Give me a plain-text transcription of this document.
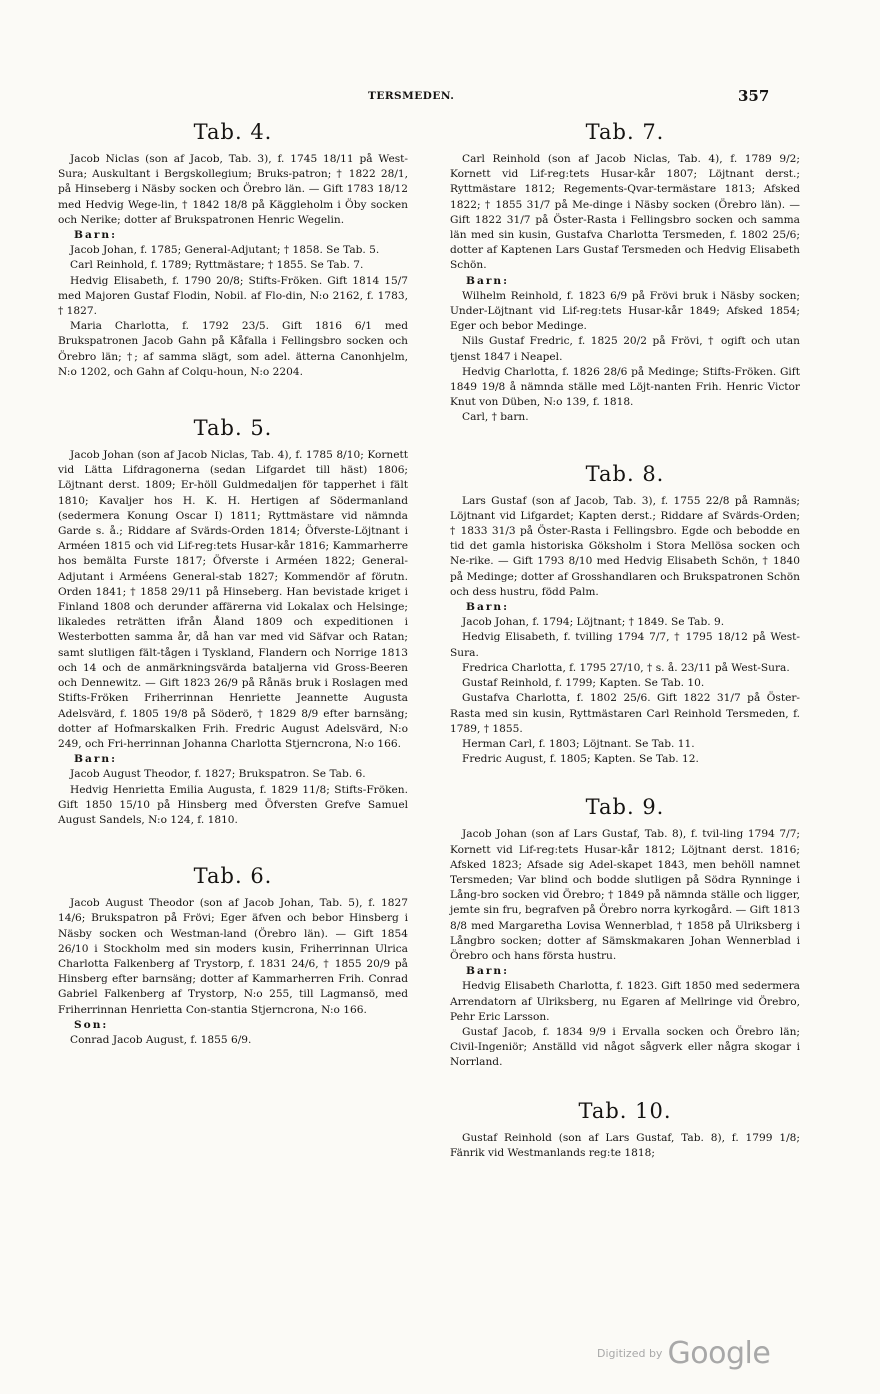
TERSMEDEN.	357
Tab. 4.

Jacob Niclas (son af Jacob, Tab. 3), f. 1745 18/11 på West-Sura; Auskultant i Bergskollegium; Bruks-patron; † 1822 28/1, på Hinseberg i Näsby socken och Örebro län. — Gift 1783 18/12 med Hedvig Wege-lin, † 1842 18/8 på Käggleholm i Öby socken och Nerike; dotter af Brukspatronen Henric Wegelin.

Barn:

Jacob Johan, f. 1785; General-Adjutant; † 1858. Se Tab. 5.

Carl Reinhold, f. 1789; Ryttmästare; † 1855. Se Tab. 7.

Hedvig Elisabeth, f. 1790 20/8; Stifts-Fröken. Gift 1814 15/7 med Majoren Gustaf Flodin, Nobil. af Flo-din, N:o 2162, f. 1783, † 1827.

Maria Charlotta, f. 1792 23/5. Gift 1816 6/1 med Brukspatronen Jacob Gahn på Kåfalla i Fellingsbro socken och Örebro län; †; af samma slägt, som adel. ätterna Canonhjelm, N:o 1202, och Gahn af Colqu-houn, N:o 2204.

Tab. 5.

Jacob Johan (son af Jacob Niclas, Tab. 4), f. 1785 8/10; Kornett vid Lätta Lifdragonerna (sedan Lifgardet till häst) 1806; Löjtnant derst. 1809; Er-höll Guldmedaljen för tapperhet i fält 1810; Kavaljer hos H. K. H. Hertigen af Södermanland (sedermera Konung Oscar I) 1811; Ryttmästare vid nämnda Garde s. å.; Riddare af Svärds-Orden 1814; Öfverste-Löjtnant i Arméen 1815 och vid Lif-reg:tets Husar-kår 1816; Kammarherre hos bemälta Furste 1817; Öfverste i Arméen 1822; General-Adjutant i Arméens General-stab 1827; Kommendör af förutn. Orden 1841; † 1858 29/11 på Hinseberg. Han bevistade kriget i Finland 1808 och derunder affärerna vid Lokalax och Helsinge; likaledes reträtten ifrån Åland 1809 och expeditionen i Westerbotten samma år, då han var med vid Säfvar och Ratan; samt slutligen fält-tågen i Tyskland, Flandern och Norrige 1813 och 14 och de anmärkningsvärda bataljerna vid Gross-Beeren och Dennewitz. — Gift 1823 26/9 på Rånäs bruk i Roslagen med Stifts-Fröken Friherrinnan Henriette Jeannette Augusta Adelsvärd, f. 1805 19/8 på Söderö, † 1829 8/9 efter barnsäng; dotter af Hofmarskalken Frih. Fredric August Adelsvärd, N:o 249, och Fri-herrinnan Johanna Charlotta Stjerncrona, N:o 166.

Barn:

Jacob August Theodor, f. 1827; Brukspatron. Se Tab. 6.

Hedvig Henrietta Emilia Augusta, f. 1829 11/8; Stifts-Fröken. Gift 1850 15/10 på Hinsberg med Öfversten Grefve Samuel August Sandels, N:o 124, f. 1810.

Tab. 6.

Jacob August Theodor (son af Jacob Johan, Tab. 5), f. 1827 14/6; Brukspatron på Frövi; Eger äfven och bebor Hinsberg i Näsby socken och Westman-land (Örebro län). — Gift 1854 26/10 i Stockholm med sin moders kusin, Friherrinnan Ulrica Charlotta Falkenberg af Trystorp, f. 1831 24/6, † 1855 20/9 på Hinsberg efter barnsäng; dotter af Kammarherren Frih. Conrad Gabriel Falkenberg af Trystorp, N:o 255, till Lagmansö, med Friherrinnan Henrietta Con-stantia Stjerncrona, N:o 166.

Son:

Conrad Jacob August, f. 1855 6/9.

Tab. 7.

Carl Reinhold (son af Jacob Niclas, Tab. 4), f. 1789 9/2; Kornett vid Lif-reg:tets Husar-kår 1807; Löjtnant derst.; Ryttmästare 1812; Regements-Qvar-termästare 1813; Afsked 1822; † 1855 31/7 på Me-dinge i Näsby socken (Örebro län). — Gift 1822 31/7 på Öster-Rasta i Fellingsbro socken och samma län med sin kusin, Gustafva Charlotta Tersmeden, f. 1802 25/6; dotter af Kaptenen Lars Gustaf Tersmeden och Hedvig Elisabeth Schön.

Barn:

Wilhelm Reinhold, f. 1823 6/9 på Frövi bruk i Näsby socken; Under-Löjtnant vid Lif-reg:tets Husar-kår 1849; Afsked 1854; Eger och bebor Medinge.

Nils Gustaf Fredric, f. 1825 20/2 på Frövi, † ogift och utan tjenst 1847 i Neapel.

Hedvig Charlotta, f. 1826 28/6 på Medinge; Stifts-Fröken. Gift 1849 19/8 å nämnda ställe med Löjt-nanten Frih. Henric Victor Knut von Düben, N:o 139, f. 1818.

Carl, † barn.

Tab. 8.

Lars Gustaf (son af Jacob, Tab. 3), f. 1755 22/8 på Ramnäs; Löjtnant vid Lifgardet; Kapten derst.; Riddare af Svärds-Orden; † 1833 31/3 på Öster-Rasta i Fellingsbro. Egde och bebodde en tid det gamla historiska Göksholm i Stora Mellösa socken och Ne-rike. — Gift 1793 8/10 med Hedvig Elisabeth Schön, † 1840 på Medinge; dotter af Grosshandlaren och Brukspatronen Schön och dess hustru, född Palm.

Barn:

Jacob Johan, f. 1794; Löjtnant; † 1849. Se Tab. 9.

Hedvig Elisabeth, f. tvilling 1794 7/7, † 1795 18/12 på West-Sura.

Fredrica Charlotta, f. 1795 27/10, † s. å. 23/11 på West-Sura.

Gustaf Reinhold, f. 1799; Kapten. Se Tab. 10.

Gustafva Charlotta, f. 1802 25/6. Gift 1822 31/7 på Öster-Rasta med sin kusin, Ryttmästaren Carl Reinhold Tersmeden, f. 1789, † 1855.

Herman Carl, f. 1803; Löjtnant. Se Tab. 11.

Fredric August, f. 1805; Kapten. Se Tab. 12.

Tab. 9.

Jacob Johan (son af Lars Gustaf, Tab. 8), f. tvil-ling 1794 7/7; Kornett vid Lif-reg:tets Husar-kår 1812; Löjtnant derst. 1816; Afsked 1823; Afsade sig Adel-skapet 1843, men behöll namnet Tersmeden; Var blind och bodde slutligen på Södra Rynninge i Lång-bro socken vid Örebro; † 1849 på nämnda ställe och ligger, jemte sin fru, begrafven på Örebro norra kyrkogård. — Gift 1813 8/8 med Margaretha Lovisa Wennerblad, † 1858 på Ulriksberg i Långbro socken; dotter af Sämskmakaren Johan Wennerblad i Örebro och hans första hustru.

Barn:

Hedvig Elisabeth Charlotta, f. 1823. Gift 1850 med sedermera Arrendatorn af Ulriksberg, nu Egaren af Mellringe vid Örebro, Pehr Eric Larsson.

Gustaf Jacob, f. 1834 9/9 i Ervalla socken och Örebro län; Civil-Ingeniör; Anställd vid något sågverk eller några skogar i Norrland.

Tab. 10.

Gustaf Reinhold (son af Lars Gustaf, Tab. 8), f. 1799 1/8; Fänrik vid Westmanlands reg:te 1818;

Digitized by Google
